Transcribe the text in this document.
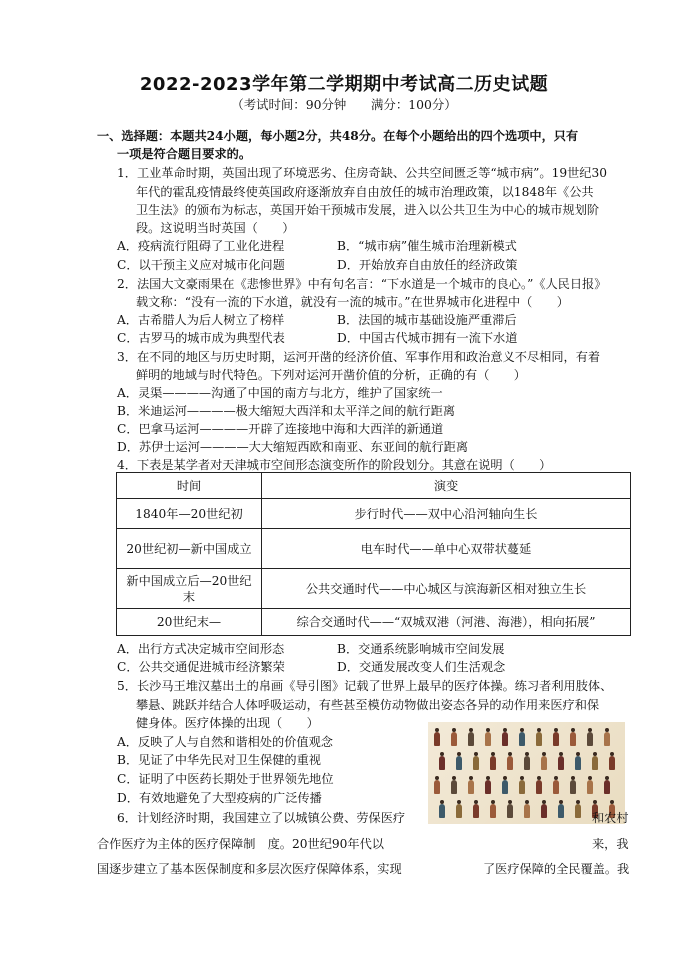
2022-2023学年第二学期期中考试高二历史试题
（考试时间：90分钟　　满分：100分）
一、选择题：本题共24小题，每小题2分，共48分。在每个小题给出的四个选项中，只有
一项是符合题目要求的。
1．工业革命时期，英国出现了环境恶劣、住房奇缺、公共空间匮乏等“城市病”。19世纪30
年代的霍乱疫情最终使英国政府逐渐放弃自由放任的城市治理政策，以1848年《公共
卫生法》的颁布为标志，英国开始干预城市发展，进入以公共卫生为中心的城市规划阶
段。这说明当时英国（　　）
A．疫病流行阻碍了工业化进程	B．“城市病”催生城市治理新模式
C．以干预主义应对城市化问题	D．开始放弃自由放任的经济政策
2．法国大文豪雨果在《悲惨世界》中有句名言：“下水道是一个城市的良心。”《人民日报》
载文称：“没有一流的下水道，就没有一流的城市。”在世界城市化进程中（　　）
A．古希腊人为后人树立了榜样	B．法国的城市基础设施严重滞后
C．古罗马的城市成为典型代表	D．中国古代城市拥有一流下水道
3．在不同的地区与历史时期，运河开凿的经济价值、军事作用和政治意义不尽相同，有着
鲜明的地域与时代特色。下列对运河开凿价值的分析，正确的有（　　）
A．灵渠————沟通了中国的南方与北方，维护了国家统一
B．米迪运河————极大缩短大西洋和太平洋之间的航行距离
C．巴拿马运河————开辟了连接地中海和大西洋的新通道
D．苏伊士运河————大大缩短西欧和南亚、东亚间的航行距离
4．下表是某学者对天津城市空间形态演变所作的阶段划分。其意在说明（　　）
时间	演变
1840年—20世纪初	步行时代——双中心沿河轴向生长
20世纪初—新中国成立	电车时代——单中心双带状蔓延
新中国成立后—20世纪末	公共交通时代——中心城区与滨海新区相对独立生长
20世纪末—	综合交通时代——“双城双港（河港、海港），相向拓展”
A．出行方式决定城市空间形态	B．交通系统影响城市空间发展
C．公共交通促进城市经济繁荣	D．交通发展改变人们生活观念
5．长沙马王堆汉墓出土的帛画《导引图》记载了世界上最早的医疗体操。练习者利用肢体、
攀悬、跳跃并结合人体呼吸运动，有些甚至模仿动物做出姿态各异的动作用来医疗和保
健身体。医疗体操的出现（　　）
A．反映了人与自然和谐相处的价值观念
B．见证了中华先民对卫生保健的重视
C．证明了中医药长期处于世界领先地位
D．有效地避免了大型疫病的广泛传播
6．计划经济时期，我国建立了以城镇公费、劳保医疗	和农村
合作医疗为主体的医疗保障制　度。20世纪90年代以	来，我
国逐步建立了基本医保制度和多层次医疗保障体系，实现	了医疗保障的全民覆盖。我
